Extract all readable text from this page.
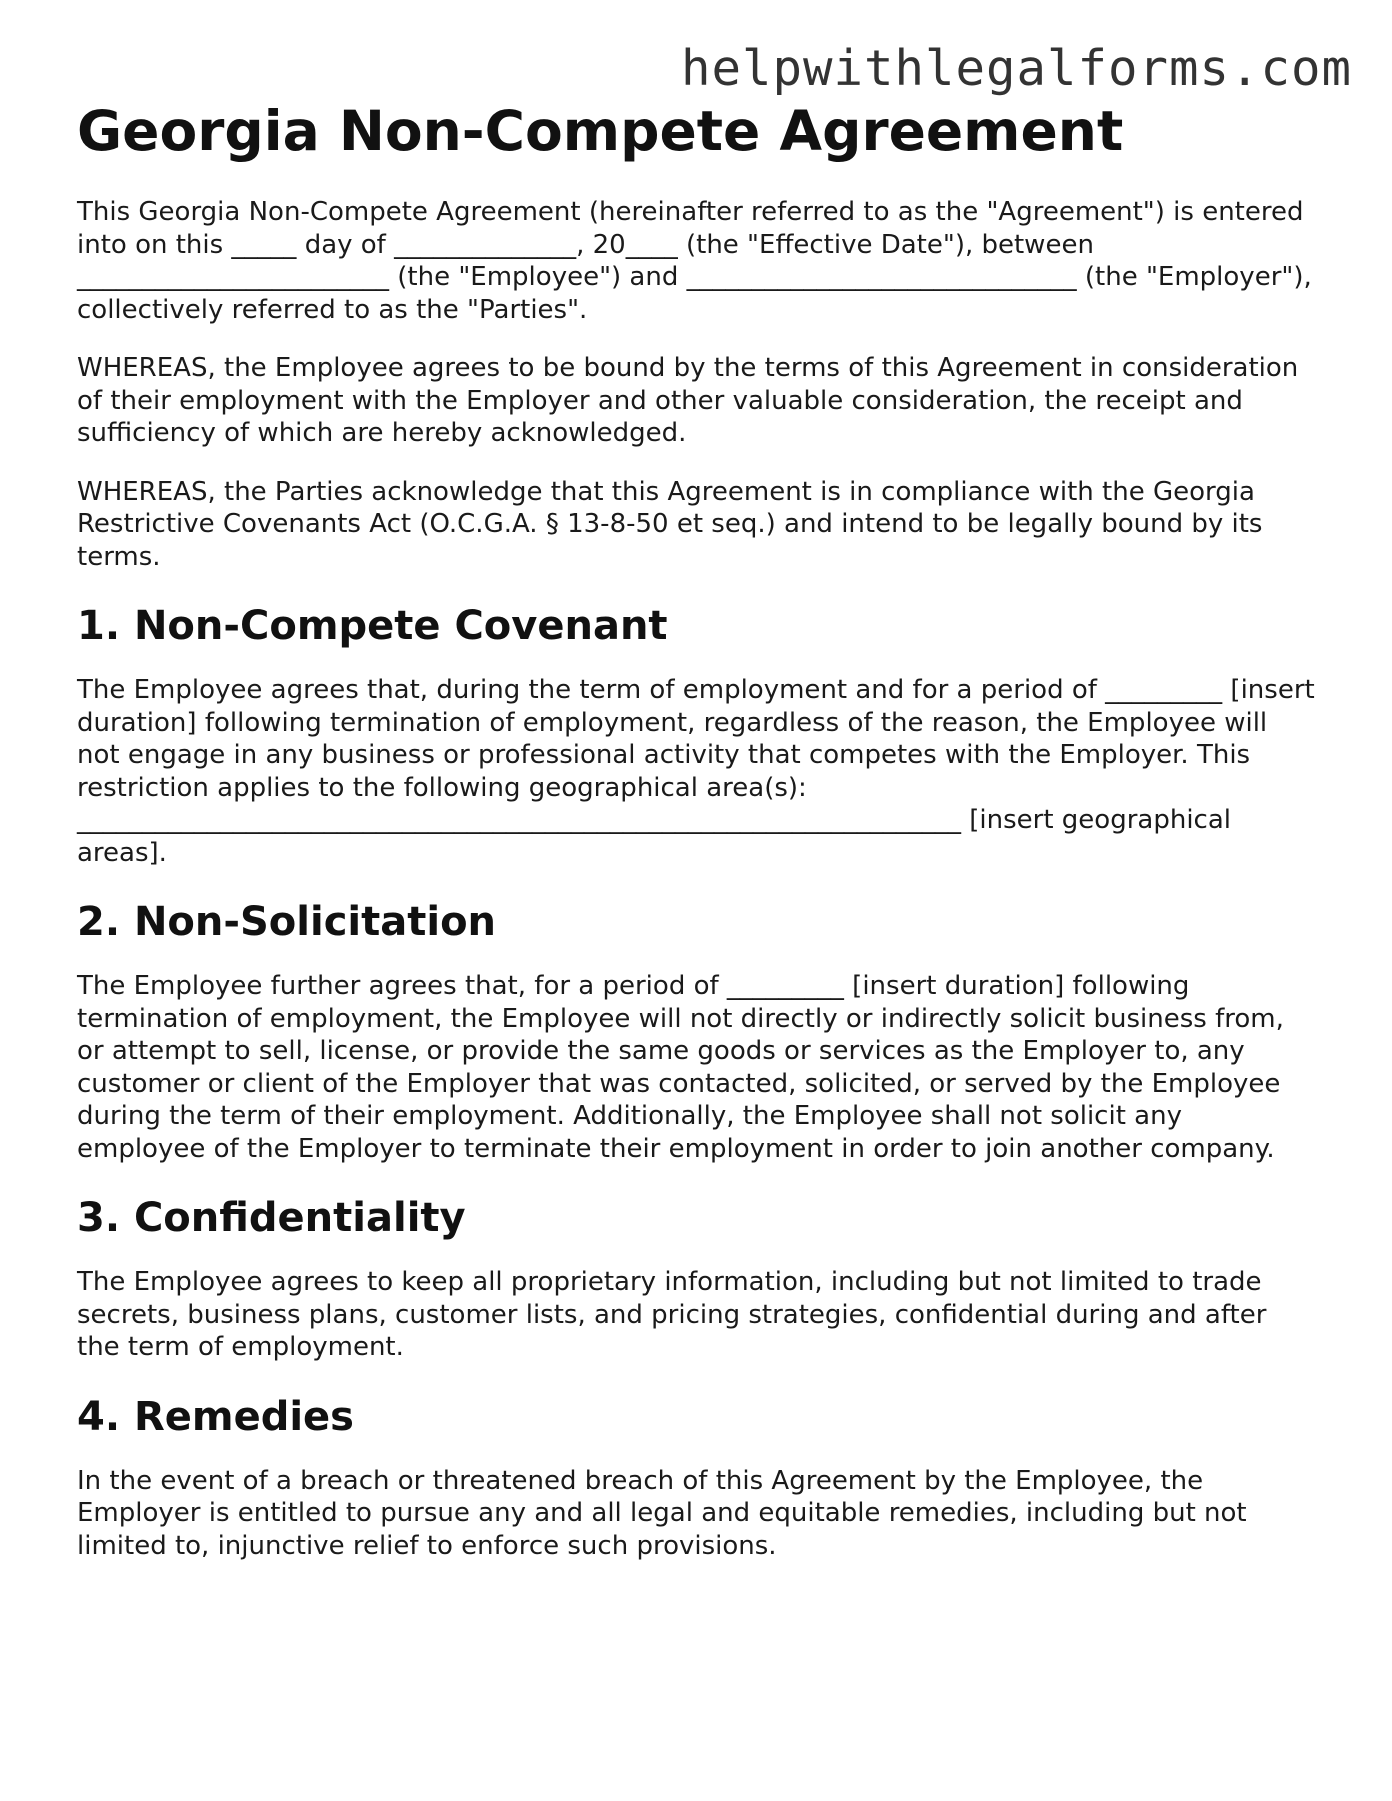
helpwithlegalforms.com
Georgia Non-Compete Agreement

This Georgia Non-Compete Agreement (hereinafter referred to as the "Agreement") is entered into on this _____ day of ______________, 20____ (the "Effective Date"), between ________________________ (the "Employee") and ______________________________ (the "Employer"), collectively referred to as the "Parties".

WHEREAS, the Employee agrees to be bound by the terms of this Agreement in consideration of their employment with the Employer and other valuable consideration, the receipt and sufficiency of which are hereby acknowledged.

WHEREAS, the Parties acknowledge that this Agreement is in compliance with the Georgia Restrictive Covenants Act (O.C.G.A. § 13-8-50 et seq.) and intend to be legally bound by its terms.

1. Non-Compete Covenant

The Employee agrees that, during the term of employment and for a period of _________ [insert duration] following termination of employment, regardless of the reason, the Employee will not engage in any business or professional activity that competes with the Employer. This restriction applies to the following geographical area(s): ____________________________________________________________________ [insert geographical areas].

2. Non-Solicitation

The Employee further agrees that, for a period of _________ [insert duration] following termination of employment, the Employee will not directly or indirectly solicit business from, or attempt to sell, license, or provide the same goods or services as the Employer to, any customer or client of the Employer that was contacted, solicited, or served by the Employee during the term of their employment. Additionally, the Employee shall not solicit any employee of the Employer to terminate their employment in order to join another company.

3. Confidentiality

The Employee agrees to keep all proprietary information, including but not limited to trade secrets, business plans, customer lists, and pricing strategies, confidential during and after the term of employment.

4. Remedies

In the event of a breach or threatened breach of this Agreement by the Employee, the Employer is entitled to pursue any and all legal and equitable remedies, including but not limited to, injunctive relief to enforce such provisions.
